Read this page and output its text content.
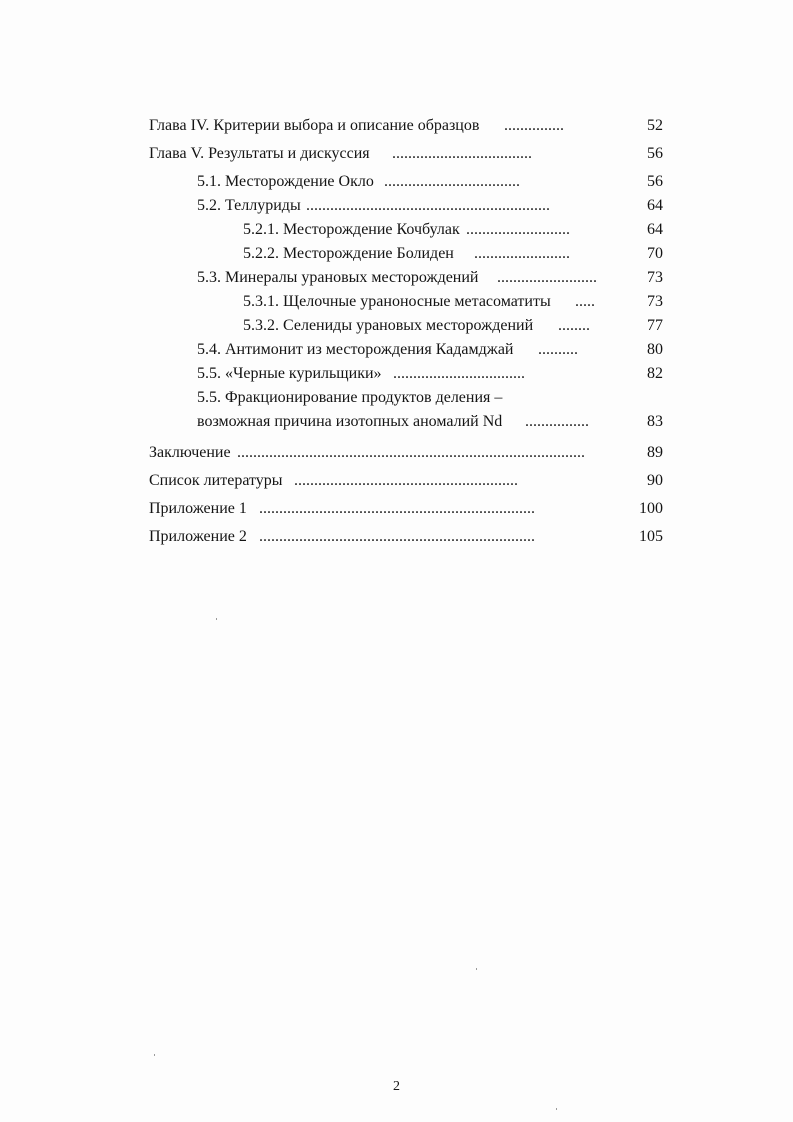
Глава IV. Критерии выбора и описание образцов ...............	52
Глава V. Результаты и дискуссия ...................................	56
5.1. Месторождение Окло ..................................	56
5.2. Теллуриды .............................................................	64
5.2.1. Месторождение Кочбулак ..........................	64
5.2.2. Месторождение Болиден ........................	70
5.3. Минералы урановых месторождений .........................	73
5.3.1. Щелочные ураноносные метасоматиты .....	73
5.3.2. Селениды урановых месторождений ........	77
5.4. Антимонит из месторождения Кадамджай ..........	80
5.5. «Черные курильщики» .................................	82
5.5. Фракционирование продуктов деления –
возможная причина изотопных аномалий Nd ................	83
Заключение .......................................................................................	89
Список литературы ........................................................	90
Приложение 1 .....................................................................	100
Приложение 2 .....................................................................	105
2
